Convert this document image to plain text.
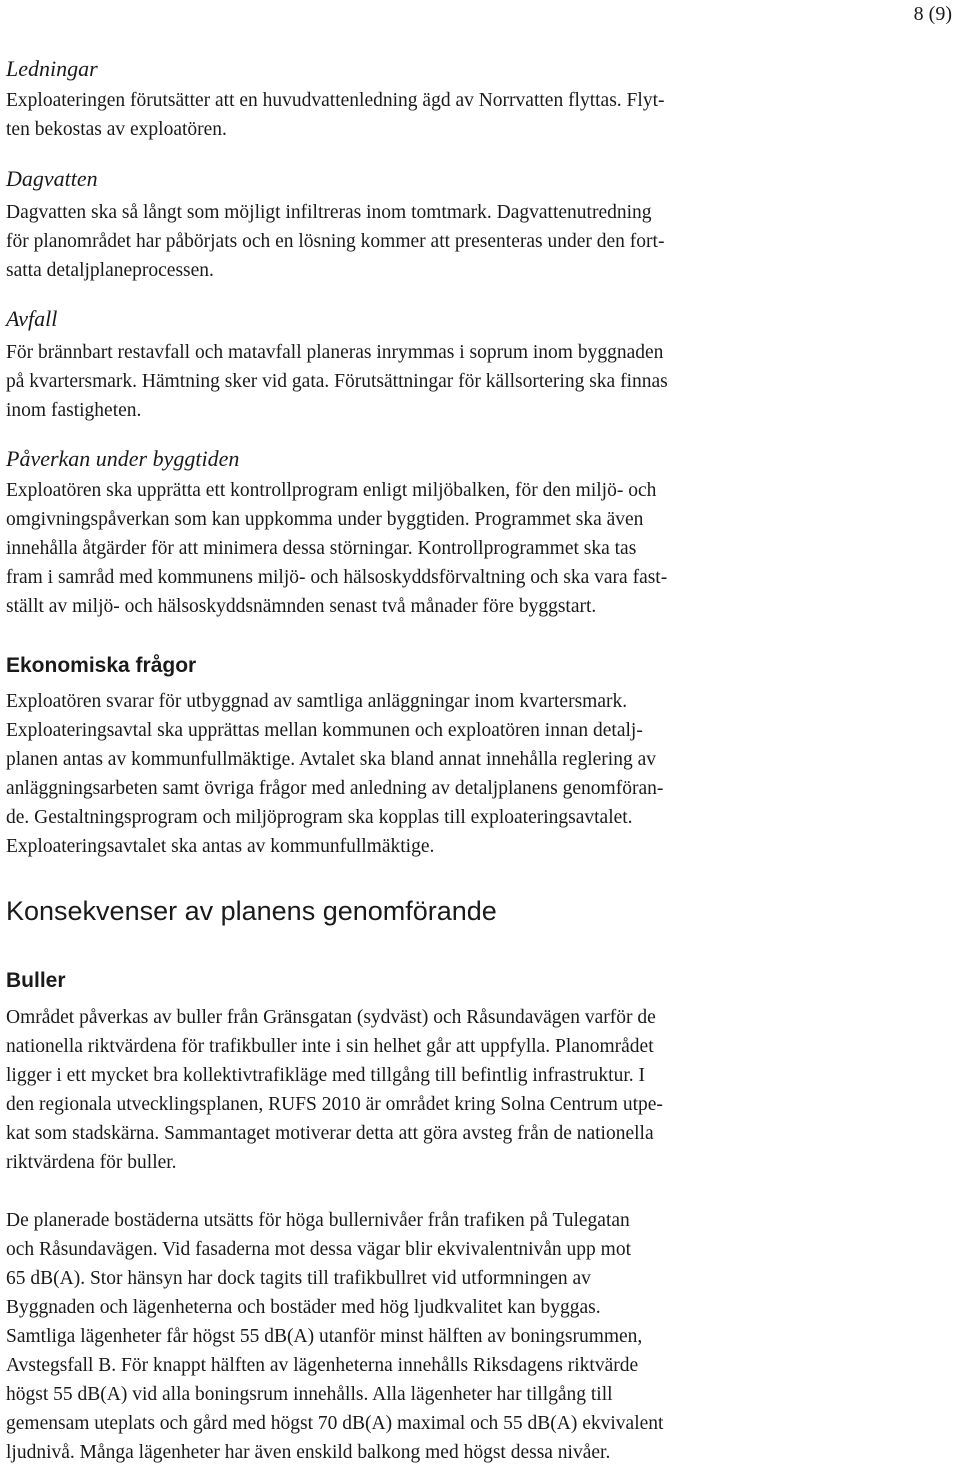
8 (9)
Ledningar
Exploateringen förutsätter att en huvudvattenledning ägd av Norrvatten flyttas. Flyt-
ten bekostas av exploatören.
Dagvatten
Dagvatten ska så långt som möjligt infiltreras inom tomtmark. Dagvattenutredning
för planområdet har påbörjats och en lösning kommer att presenteras under den fort-
satta detaljplaneprocessen.
Avfall
För brännbart restavfall och matavfall planeras inrymmas i soprum inom byggnaden
på kvartersmark. Hämtning sker vid gata. Förutsättningar för källsortering ska finnas
inom fastigheten.
Påverkan under byggtiden
Exploatören ska upprätta ett kontrollprogram enligt miljöbalken, för den miljö- och
omgivningspåverkan som kan uppkomma under byggtiden. Programmet ska även
innehålla åtgärder för att minimera dessa störningar. Kontrollprogrammet ska tas
fram i samråd med kommunens miljö- och hälsoskyddsförvaltning och ska vara fast-
ställt av miljö- och hälsoskyddsnämnden senast två månader före byggstart.
Ekonomiska frågor
Exploatören svarar för utbyggnad av samtliga anläggningar inom kvartersmark.
Exploateringsavtal ska upprättas mellan kommunen och exploatören innan detalj-
planen antas av kommunfullmäktige. Avtalet ska bland annat innehålla reglering av
anläggningsarbeten samt övriga frågor med anledning av detaljplanens genomföran-
de. Gestaltningsprogram och miljöprogram ska kopplas till exploateringsavtalet.
Exploateringsavtalet ska antas av kommunfullmäktige.
Konsekvenser av planens genomförande
Buller
Området påverkas av buller från Gränsgatan (sydväst) och Råsundavägen varför de
nationella riktvärdena för trafikbuller inte i sin helhet går att uppfylla. Planområdet
ligger i ett mycket bra kollektivtrafikläge med tillgång till befintlig infrastruktur. I
den regionala utvecklingsplanen, RUFS 2010 är området kring Solna Centrum utpe-
kat som stadskärna. Sammantaget motiverar detta att göra avsteg från de nationella
riktvärdena för buller.
De planerade bostäderna utsätts för höga bullernivåer från trafiken på Tulegatan
och Råsundavägen. Vid fasaderna mot dessa vägar blir ekvivalentnivån upp mot
65 dB(A). Stor hänsyn har dock tagits till trafikbullret vid utformningen av
Byggnaden och lägenheterna och bostäder med hög ljudkvalitet kan byggas.
Samtliga lägenheter får högst 55 dB(A) utanför minst hälften av boningsrummen,
Avstegsfall B. För knappt hälften av lägenheterna innehålls Riksdagens riktvärde
högst 55 dB(A) vid alla boningsrum innehålls. Alla lägenheter har tillgång till
gemensam uteplats och gård med högst 70 dB(A) maximal och 55 dB(A) ekvivalent
ljudnivå. Många lägenheter har även enskild balkong med högst dessa nivåer.
